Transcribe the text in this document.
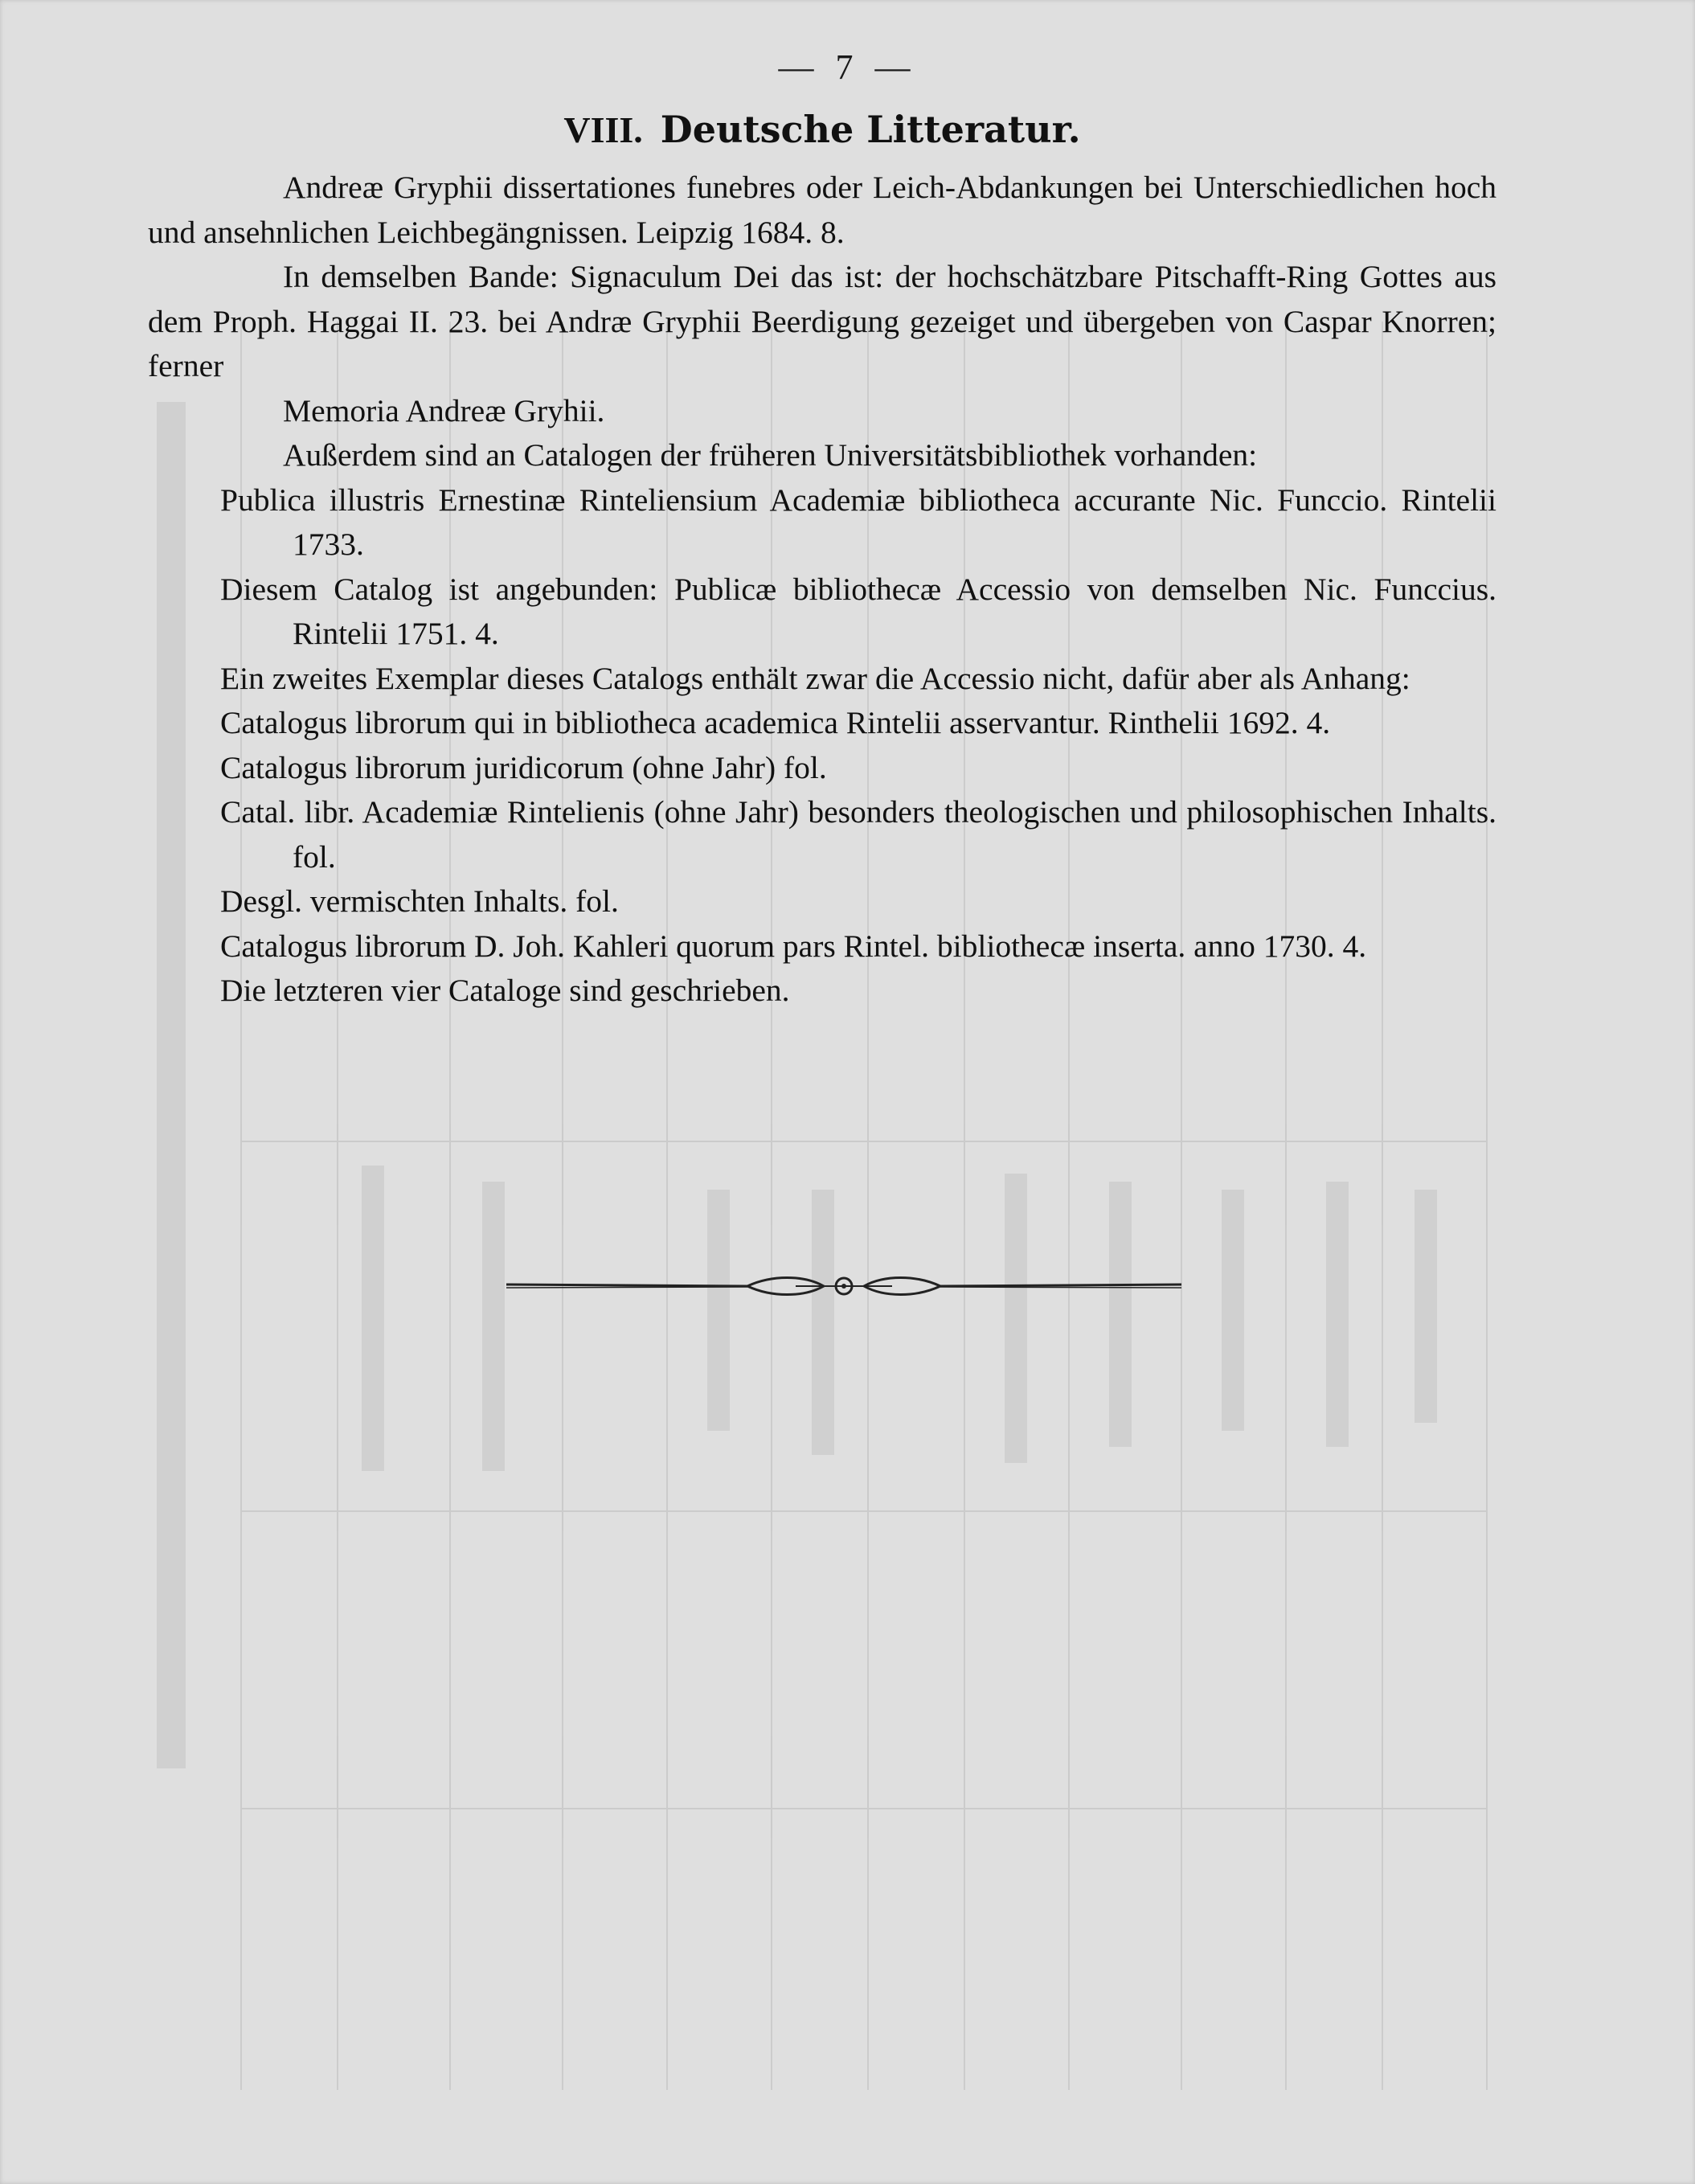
— 7 —
VIII. Deutsche Litteratur.

Andreæ Gryphii dissertationes funebres oder Leich-Abdankungen bei Unterschiedlichen hoch und ansehnlichen Leichbegängnissen. Leipzig 1684. 8.

In demselben Bande: Signaculum Dei das ist: der hochschätzbare Pitschafft-Ring Gottes aus dem Proph. Haggai II. 23. bei Andræ Gryphii Beerdigung gezeiget und übergeben von Caspar Knorren; ferner

Memoria Andreæ Gryhii.

Außerdem sind an Catalogen der früheren Universitätsbibliothek vorhanden:

Publica illustris Ernestinæ Rinteliensium Academiæ bibliotheca accurante Nic. Funccio. Rintelii 1733.

Diesem Catalog ist angebunden: Publicæ bibliothecæ Accessio von demselben Nic. Funccius. Rintelii 1751. 4.

Ein zweites Exemplar dieses Catalogs enthält zwar die Accessio nicht, dafür aber als Anhang:

Catalogus librorum qui in bibliotheca academica Rintelii asservantur. Rinthelii 1692. 4.

Catalogus librorum juridicorum (ohne Jahr) fol.

Catal. libr. Academiæ Rintelienis (ohne Jahr) besonders theologischen und philosophischen Inhalts. fol.

Desgl. vermischten Inhalts. fol.

Catalogus librorum D. Joh. Kahleri quorum pars Rintel. bibliothecæ inserta. anno 1730. 4.

Die letzteren vier Cataloge sind geschrieben.
